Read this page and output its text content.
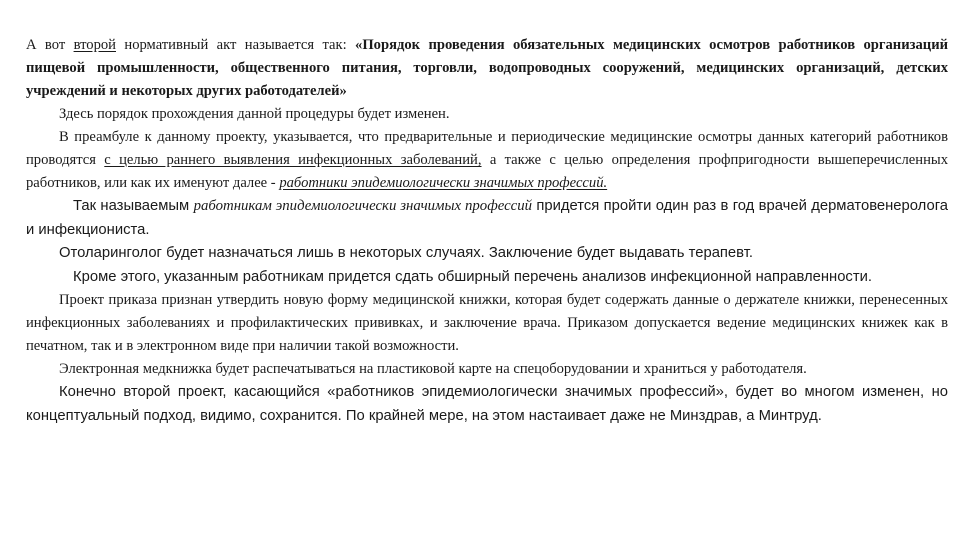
А вот второй нормативный акт называется так: «Порядок проведения обязательных медицинских осмотров работников организаций пищевой промышленности, общественного питания, торговли, водопроводных сооружений, медицинских организаций, детских учреждений и некоторых других работодателей»

Здесь порядок прохождения данной процедуры будет изменен.

В преамбуле к данному проекту, указывается, что предварительные и периодические медицинские осмотры данных категорий работников проводятся с целью раннего выявления инфекционных заболеваний, а также с целью определения профпригодности вышеперечисленных работников, или как их именуют далее - работники эпидемиологически значимых профессий.

Так называемым работникам эпидемиологически значимых профессий придется пройти один раз в год врачей дерматовенеролога и инфекциониста.

Отоларинголог будет назначаться лишь в некоторых случаях. Заключение будет выдавать терапевт.

Кроме этого, указанным работникам придется сдать обширный перечень анализов инфекционной направленности.

Проект приказа признан утвердить новую форму медицинской книжки, которая будет содержать данные о держателе книжки, перенесенных инфекционных заболеваниях и профилактических прививках, и заключение врача. Приказом допускается ведение медицинских книжек как в печатном, так и в электронном виде при наличии такой возможности.

Электронная медкнижка будет распечатываться на пластиковой карте на спецоборудовании и храниться у работодателя.

Конечно второй проект, касающийся «работников эпидемиологически значимых профессий», будет во многом изменен, но концептуальный подход, видимо, сохранится. По крайней мере, на этом настаивает даже не Минздрав, а Минтруд.
